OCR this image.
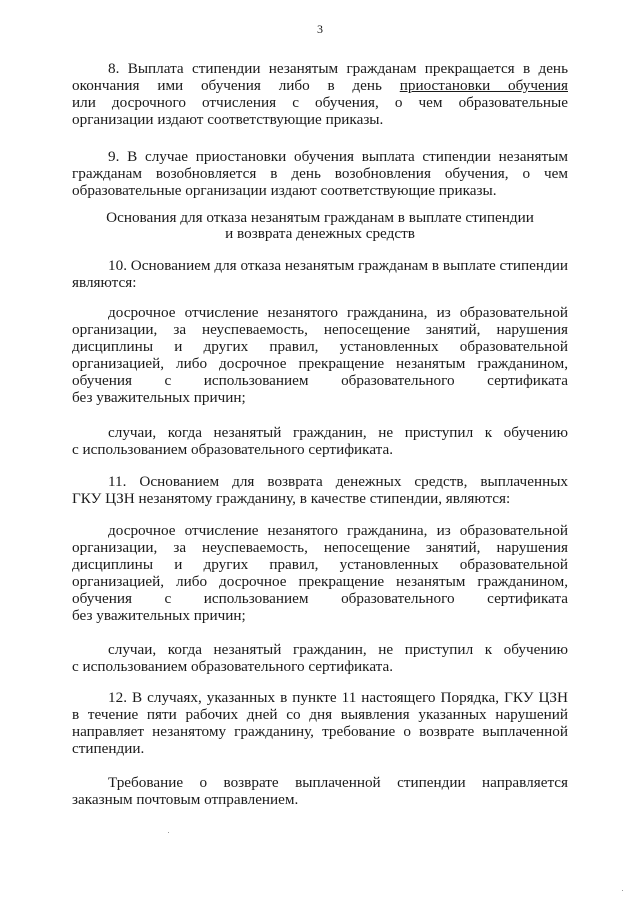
3
8. Выплата стипендии незанятым гражданам прекращается в день
окончания ими обучения либо в день приостановки обучения
или досрочного отчисления с обучения, о чем образовательные
организации издают соответствующие приказы.
9. В случае приостановки обучения выплата стипендии незанятым
гражданам возобновляется в день возобновления обучения, о чем
образовательные организации издают соответствующие приказы.
Основания для отказа незанятым гражданам в выплате стипендии
и возврата денежных средств
10. Основанием для отказа незанятым гражданам в выплате стипендии
являются:
досрочное отчисление незанятого гражданина, из образовательной
организации, за неуспеваемость, непосещение занятий, нарушения
дисциплины и других правил, установленных образовательной
организацией, либо досрочное прекращение незанятым гражданином,
обучения с использованием образовательного сертификата
без уважительных причин;
случаи, когда незанятый гражданин, не приступил к обучению
с использованием образовательного сертификата.
11. Основанием для возврата денежных средств, выплаченных
ГКУ ЦЗН незанятому гражданину, в качестве стипендии, являются:
досрочное отчисление незанятого гражданина, из образовательной
организации, за неуспеваемость, непосещение занятий, нарушения
дисциплины и других правил, установленных образовательной
организацией, либо досрочное прекращение незанятым гражданином,
обучения с использованием образовательного сертификата
без уважительных причин;
случаи, когда незанятый гражданин, не приступил к обучению
с использованием образовательного сертификата.
12. В случаях, указанных в пункте 11 настоящего Порядка, ГКУ ЦЗН
в течение пяти рабочих дней со дня выявления указанных нарушений
направляет незанятому гражданину, требование о возврате выплаченной
стипендии.
Требование о возврате выплаченной стипендии направляется
заказным почтовым отправлением.
